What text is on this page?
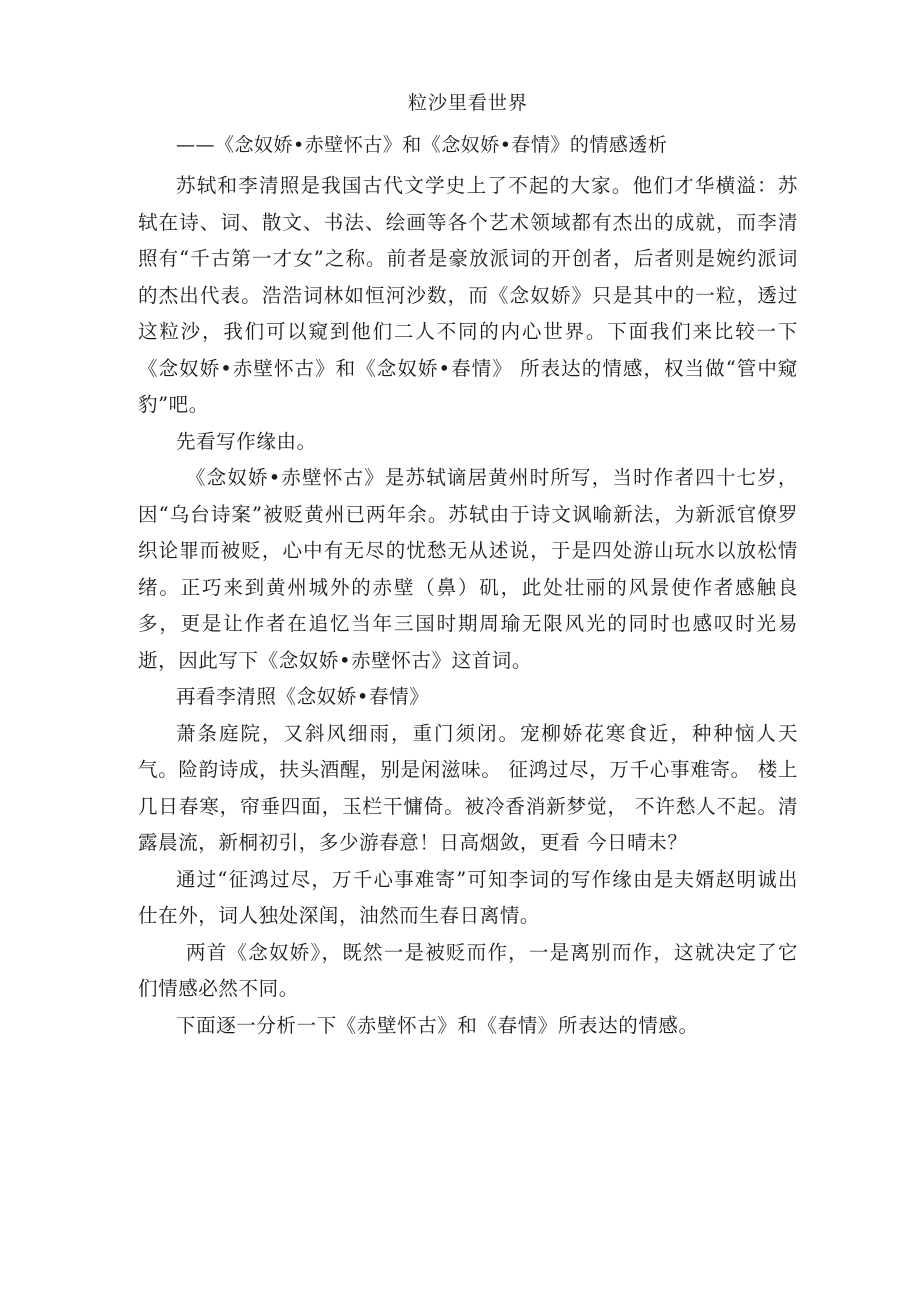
粒沙里看世界
——《念奴娇•赤壁怀古》和《念奴娇•春情》的情感透析

苏轼和李清照是我国古代文学史上了不起的大家。他们才华横溢：苏轼在诗、词、散文、书法、绘画等各个艺术领域都有杰出的成就，而李清照有“千古第一才女”之称。前者是豪放派词的开创者，后者则是婉约派词的杰出代表。浩浩词林如恒河沙数，而《念奴娇》只是其中的一粒，透过这粒沙，我们可以窥到他们二人不同的内心世界。下面我们来比较一下《念奴娇•赤壁怀古》和《念奴娇•春情》 所表达的情感，权当做“管中窥豹”吧。

先看写作缘由。

《念奴娇•赤壁怀古》是苏轼谪居黄州时所写，当时作者四十七岁，因“乌台诗案”被贬黄州已两年余。苏轼由于诗文讽喻新法，为新派官僚罗织论罪而被贬，心中有无尽的忧愁无从述说，于是四处游山玩水以放松情绪。正巧来到黄州城外的赤壁（鼻）矶，此处壮丽的风景使作者感触良多，更是让作者在追忆当年三国时期周瑜无限风光的同时也感叹时光易逝，因此写下《念奴娇•赤壁怀古》这首词。

再看李清照《念奴娇•春情》

萧条庭院，又斜风细雨，重门须闭。宠柳娇花寒食近，种种恼人天气。险韵诗成，扶头酒醒，别是闲滋味。 征鸿过尽，万千心事难寄。 楼上几日春寒，帘垂四面，玉栏干慵倚。被冷香消新梦觉， 不许愁人不起。清露晨流，新桐初引，多少游春意！日高烟敛，更看 今日晴未？

通过“征鸿过尽，万千心事难寄”可知李词的写作缘由是夫婿赵明诚出仕在外，词人独处深闺，油然而生春日离情。

两首《念奴娇》，既然一是被贬而作，一是离别而作，这就决定了它们情感必然不同。

下面逐一分析一下《赤壁怀古》和《春情》所表达的情感。
